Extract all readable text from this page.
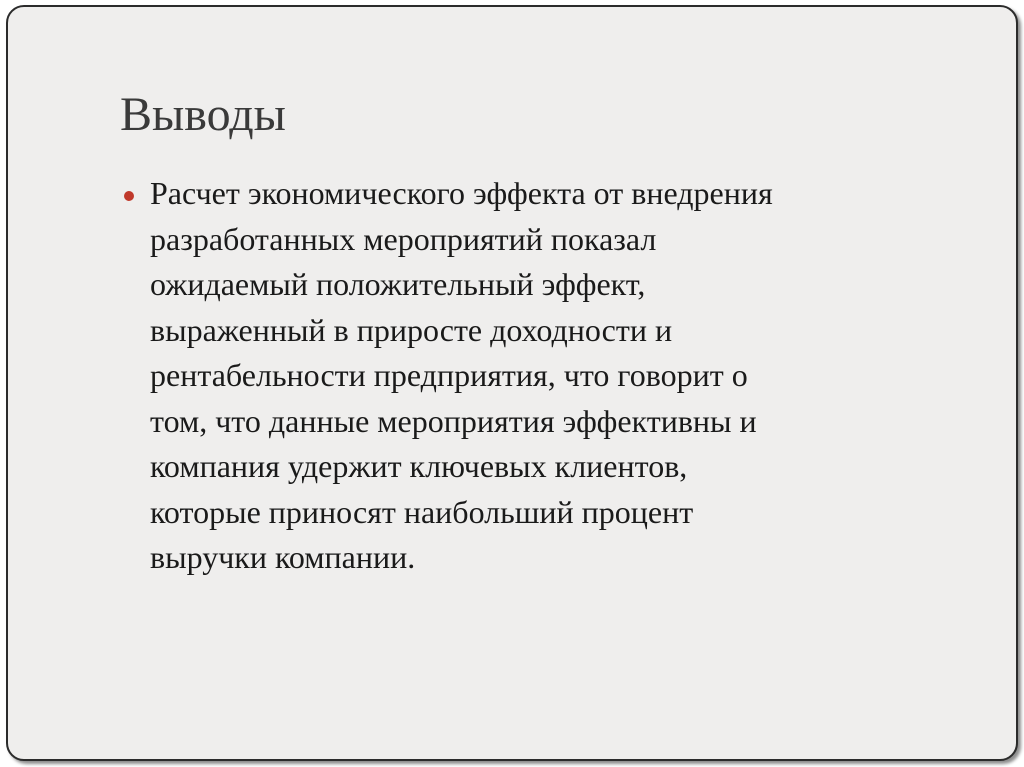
Выводы
Расчет экономического эффекта от внедрения
разработанных мероприятий показал
ожидаемый положительный эффект,
выраженный в приросте доходности и
рентабельности предприятия, что говорит о
том, что данные мероприятия эффективны и
компания удержит ключевых клиентов,
которые приносят наибольший процент
выручки компании.
